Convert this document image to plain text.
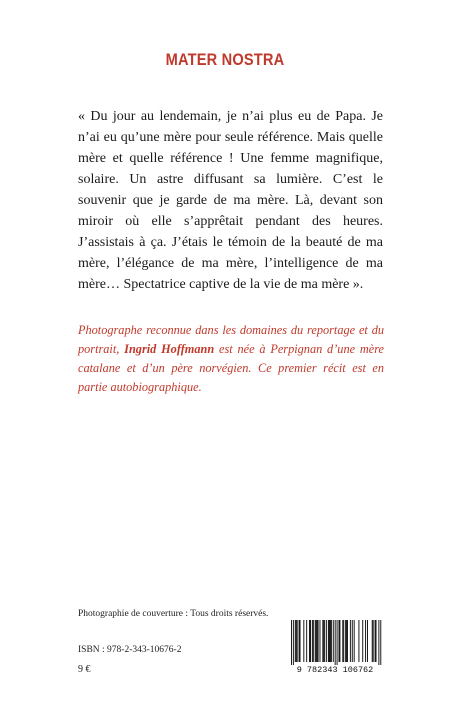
MATER NOSTRA
« Du jour au lendemain, je n’ai plus eu de Papa. Je n’ai eu qu’une mère pour seule référence. Mais quelle mère et quelle référence ! Une femme magnifique, solaire. Un astre diffusant sa lumière. C’est le souvenir que je garde de ma mère. Là, devant son miroir où elle s’apprêtait pendant des heures. J’assistais à ça. J’étais le témoin de la beauté de ma mère, l’élégance de ma mère, l’intelligence de ma mère… Spectatrice captive de la vie de ma mère ».
Photographe reconnue dans les domaines du reportage et du portrait, Ingrid Hoffmann est née à Perpignan d’une mère catalane et d’un père norvégien. Ce premier récit est en partie autobiographique.
Photographie de couverture : Tous droits réservés.
ISBN : 978-2-343-10676-2
9 €	9 782343 106762
